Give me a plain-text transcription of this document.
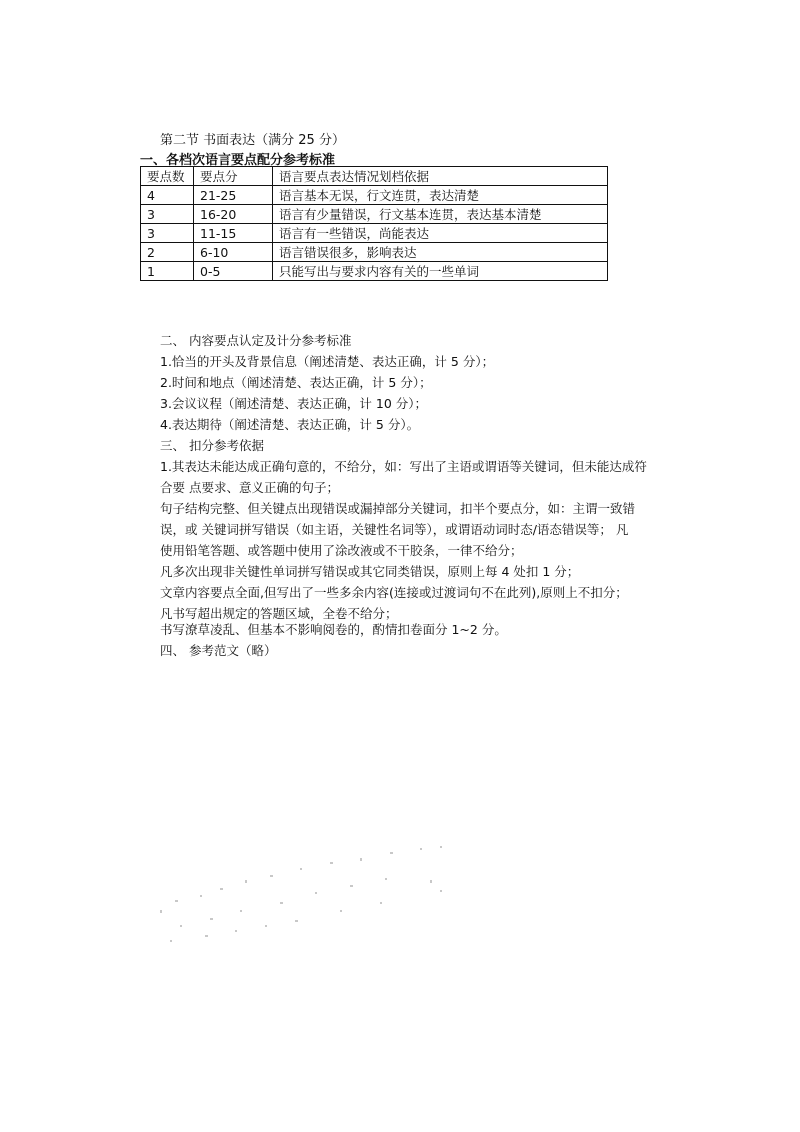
第二节 书面表达（满分 25 分）
一、各档次语言要点配分参考标准
要点数	要点分	语言要点表达情况划档依据
4	21-25	语言基本无误，行文连贯，表达清楚
3	16-20	语言有少量错误，行文基本连贯，表达基本清楚
3	11-15	语言有一些错误，尚能表达
2	6-10	语言错误很多，影响表达
1	0-5	只能写出与要求内容有关的一些单词
二、 内容要点认定及计分参考标准
1.恰当的开头及背景信息（阐述清楚、表达正确，计 5 分）；
2.时间和地点（阐述清楚、表达正确，计 5 分）；
3.会议议程（阐述清楚、表达正确，计 10 分）；
4.表达期待（阐述清楚、表达正确，计 5 分）。
三、 扣分参考依据
1.其表达未能达成正确句意的，不给分，如：写出了主语或谓语等关键词，但未能达成符
合要 点要求、意义正确的句子；
句子结构完整、但关键点出现错误或漏掉部分关键词，扣半个要点分，如：主谓一致错
误，或 关键词拼写错误（如主语，关键性名词等），或谓语动词时态/语态错误等； 凡
使用铅笔答题、或答题中使用了涂改液或不干胶条，一律不给分；
凡多次出现非关键性单词拼写错误或其它同类错误，原则上每 4 处扣 1 分；
文章内容要点全面,但写出了一些多余内容(连接或过渡词句不在此列),原则上不扣分；
凡书写超出规定的答题区域，全卷不给分；
书写潦草凌乱、但基本不影响阅卷的，酌情扣卷面分 1~2 分。
四、 参考范文（略）
